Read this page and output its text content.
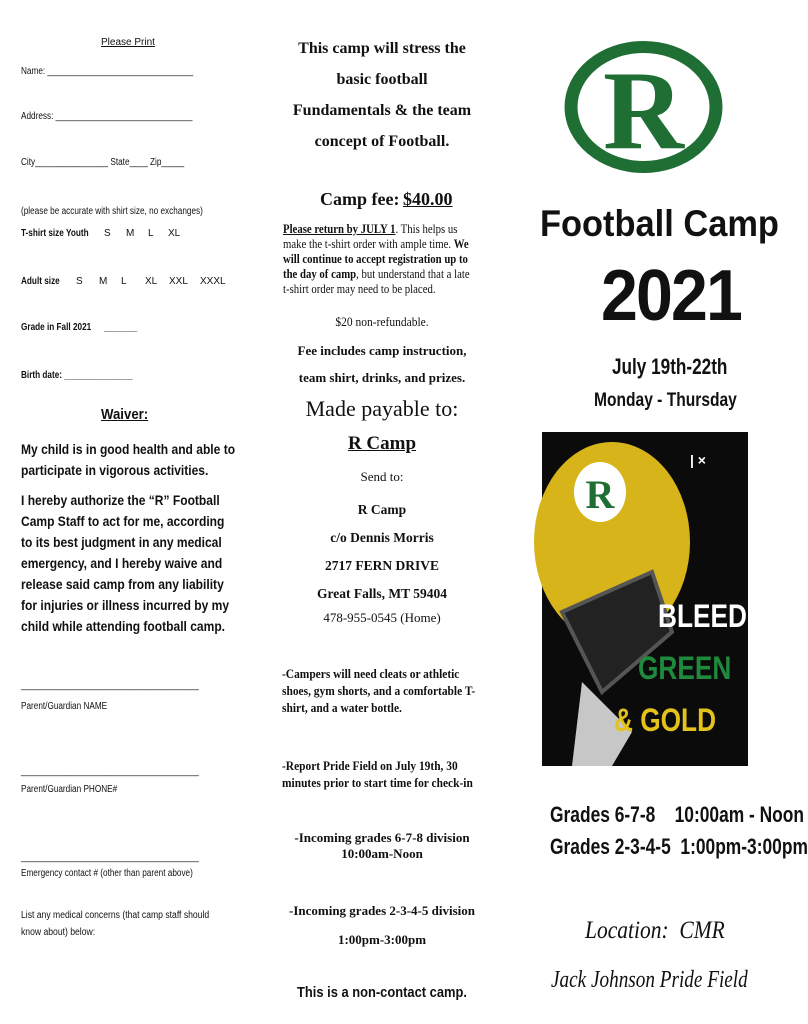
Please Print
Name: ________________________________
Address: ______________________________
City________________ State____ Zip_____
(please be accurate with shirt size, no exchanges)
T-shirt size Youth S M L XL
Adult size S M L XL XXL XXXL
Grade in Fall 2021 ______
Birth date: _______________
Waiver:
My child is in good health and able to participate in vigorous activities.
I hereby authorize the “R” Football Camp Staff to act for me, according to its best judgment in any medical emergency, and I hereby waive and release said camp from any liability for injuries or illness incurred by my child while attending football camp.
_______________________________________
Parent/Guardian NAME
_______________________________________
Parent/Guardian PHONE#
_______________________________________
Emergency contact # (other than parent above)
List any medical concerns (that camp staff should know about) below:
This camp will stress the
basic football
Fundamentals & the team
concept of Football.
Camp fee: $40.00
Please return by JULY 1. This helps us make the t-shirt order with ample time. We will continue to accept registration up to the day of camp, but understand that a late t-shirt order may need to be placed.
$20 non-refundable.
Fee includes camp instruction,
team shirt, drinks, and prizes.
Made payable to:
R Camp
Send to:
R Camp
c/o Dennis Morris
2717 FERN DRIVE
Great Falls, MT 59404
478-955-0545 (Home)
-Campers will need cleats or athletic shoes, gym shorts, and a comfortable T-shirt, and a water bottle.
-Report Pride Field on July 19th, 30 minutes prior to start time for check-in
-Incoming grades 6-7-8 division
10:00am-Noon
-Incoming grades 2-3-4-5 division
1:00pm-3:00pm
This is a non-contact camp.
R
Football Camp
2021
July 19th-22th
Monday - Thursday
R
| ×
BLEED
GREEN
& GOLD
Grades 6-7-8    10:00am - Noon
Grades 2-3-4-5  1:00pm-3:00pm
Location:  CMR
Jack Johnson Pride Field
